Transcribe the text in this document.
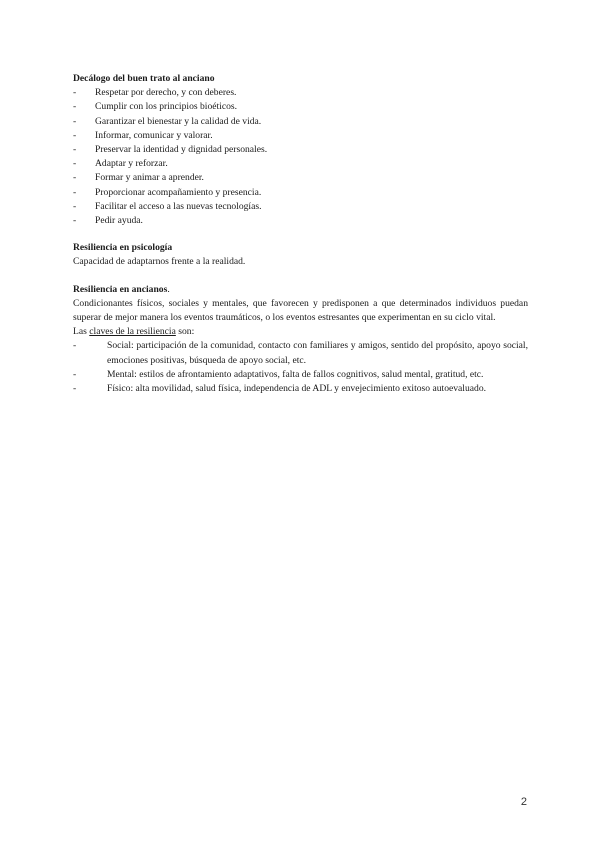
Decálogo del buen trato al anciano

- Respetar por derecho, y con deberes.
- Cumplir con los principios bioéticos.
- Garantizar el bienestar y la calidad de vida.
- Informar, comunicar y valorar.
- Preservar la identidad y dignidad personales.
- Adaptar y reforzar.
- Formar y animar a aprender.
- Proporcionar acompañamiento y presencia.
- Facilitar el acceso a las nuevas tecnologías.
- Pedir ayuda.

Resiliencia en psicología

Capacidad de adaptarnos frente a la realidad.

Resiliencia en ancianos.

Condicionantes físicos, sociales y mentales, que favorecen y predisponen a que determinados individuos puedan superar de mejor manera los eventos traumáticos, o los eventos estresantes que experimentan en su ciclo vital.

Las claves de la resiliencia son:

- Social: participación de la comunidad, contacto con familiares y amigos, sentido del propósito, apoyo social, emociones positivas, búsqueda de apoyo social, etc.
- Mental: estilos de afrontamiento adaptativos, falta de fallos cognitivos, salud mental, gratitud, etc.
- Físico: alta movilidad, salud física, independencia de ADL y envejecimiento exitoso autoevaluado.
2
